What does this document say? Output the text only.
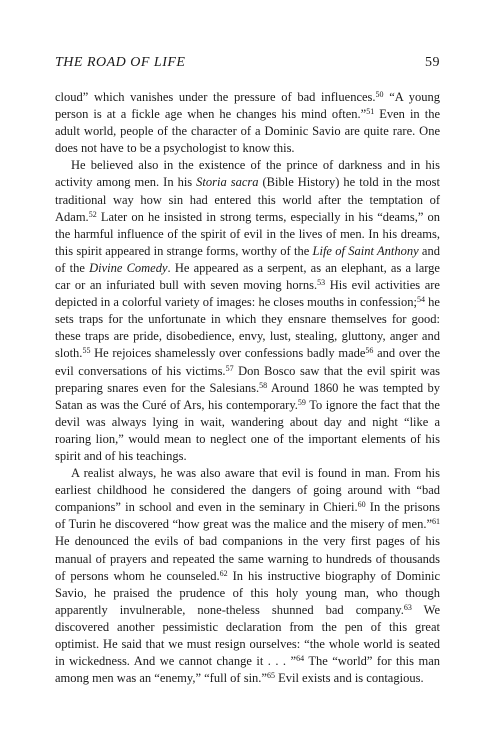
THE ROAD OF LIFE	59

cloud” which vanishes under the pressure of bad influences.$^{50}$ “A young person is at a fickle age when he changes his mind often.”$^{51}$ Even in the adult world, people of the character of a Dominic Savio are quite rare. One does not have to be a psychologist to know this.

He believed also in the existence of the prince of darkness and in his activity among men. In his Storia sacra (Bible History) he told in the most traditional way how sin had entered this world after the temptation of Adam.$^{52}$ Later on he insisted in strong terms, especially in his “deams,” on the harmful influence of the spirit of evil in the lives of men. In his dreams, this spirit appeared in strange forms, worthy of the Life of Saint Anthony and of the Divine Comedy. He appeared as a serpent, as an elephant, as a large car or an infuriated bull with seven moving horns.$^{53}$ His evil activities are depicted in a colorful variety of images: he closes mouths in confession;$^{54}$ he sets traps for the unfortunate in which they ensnare themselves for good: these traps are pride, disobedience, envy, lust, stealing, gluttony, anger and sloth.$^{55}$ He rejoices shamelessly over confessions badly made$^{56}$ and over the evil conversations of his victims.$^{57}$ Don Bosco saw that the evil spirit was preparing snares even for the Salesians.$^{58}$ Around 1860 he was tempted by Satan as was the Curé of Ars, his contemporary.$^{59}$ To ignore the fact that the devil was always lying in wait, wandering about day and night “like a roaring lion,” would mean to neglect one of the important elements of his spirit and of his teachings.

A realist always, he was also aware that evil is found in man. From his earliest childhood he considered the dangers of going around with “bad companions” in school and even in the seminary in Chieri.$^{60}$ In the prisons of Turin he discovered “how great was the malice and the misery of men.”$^{61}$ He denounced the evils of bad companions in the very first pages of his manual of prayers and repeated the same warning to hundreds of thousands of persons whom he counseled.$^{62}$ In his instructive biography of Dominic Savio, he praised the prudence of this holy young man, who though apparently invulnerable, none-theless shunned bad company.$^{63}$ We discovered another pessimistic declaration from the pen of this great optimist. He said that we must resign ourselves: “the whole world is seated in wickedness. And we cannot change it . . . ”$^{64}$ The “world” for this man among men was an “enemy,” “full of sin.”$^{65}$ Evil exists and is contagious.
